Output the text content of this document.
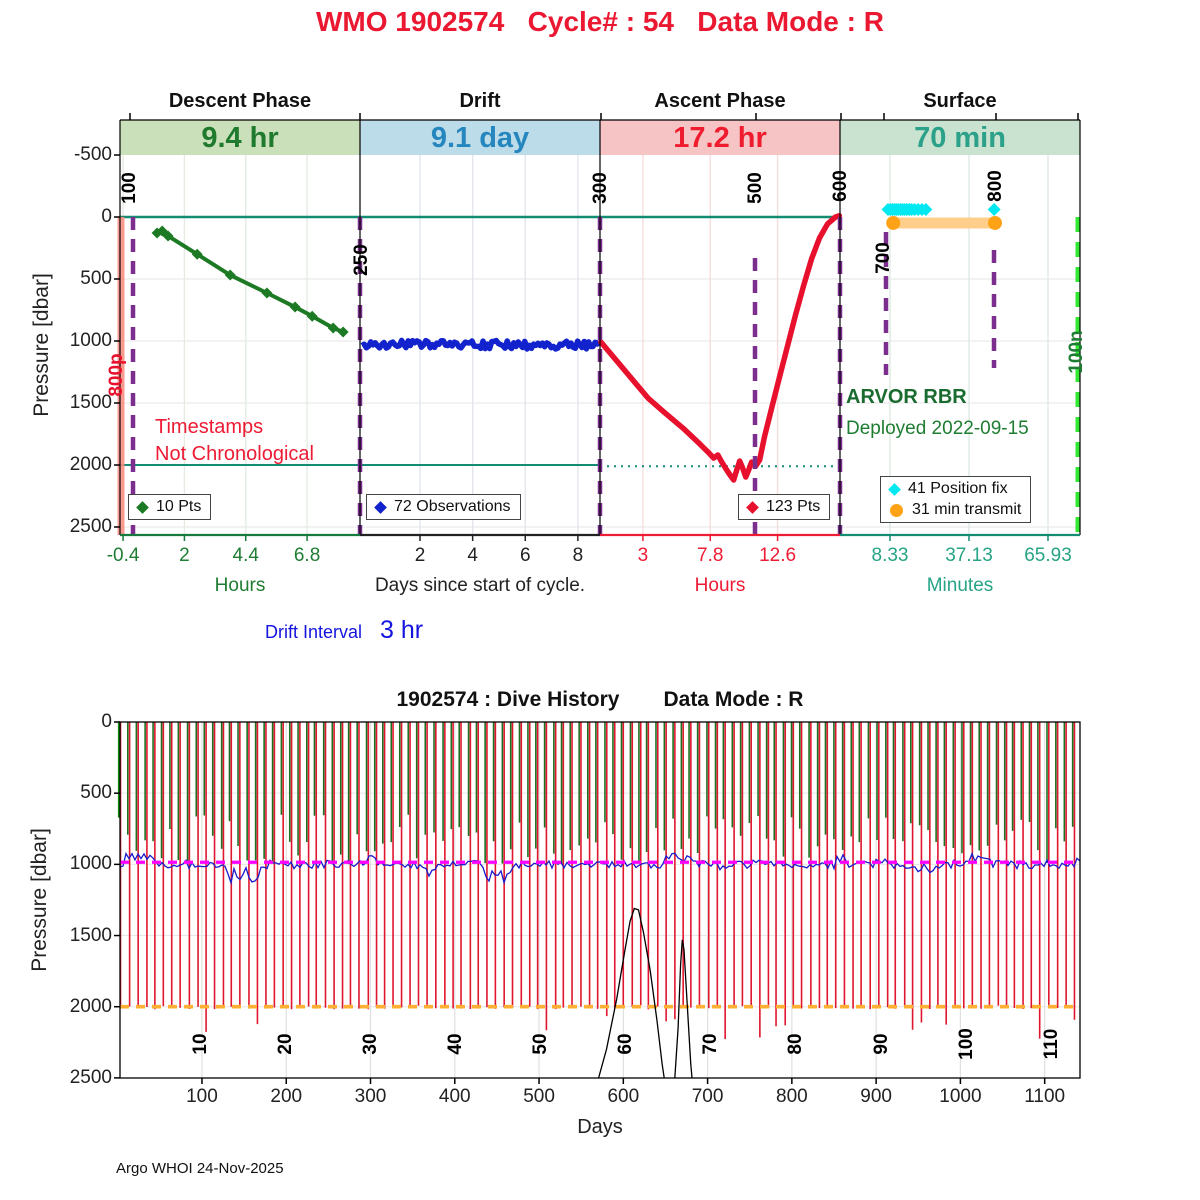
WMO 1902574   Cycle# : 54   Data Mode : R
Descent Phase	Drift	Ascent Phase	Surface
9.4 hr	9.1 day	17.2 hr	70 min
Pressure [dbar]
Pressure [dbar]
Timestamps
Not Chronological
ARVOR RBR
Deployed 2022-09-15
Hours	Days since start of cycle.	Hours	Minutes
Drift Interval 3 hr
10 Pts	72 Observations	123 Pts
41 Position fix
31 min transmit
1902574 : Dive History Data Mode : R
Days
Argo WHOI 24-Nov-2025
-500
0
500
1000
1500
2000
2500
-0.4 2 4.4 6.8	2 4 6 8	3	7.8 12.6	8.33 37.13 65.93
100
250
300	500	600
700
800
800p
100n
0
500
1000
1500
2000
2500
100	200	300	400	500	600	700	800	900 1000 1100
10	20	30	40	50	60	70	80	90	100	110
